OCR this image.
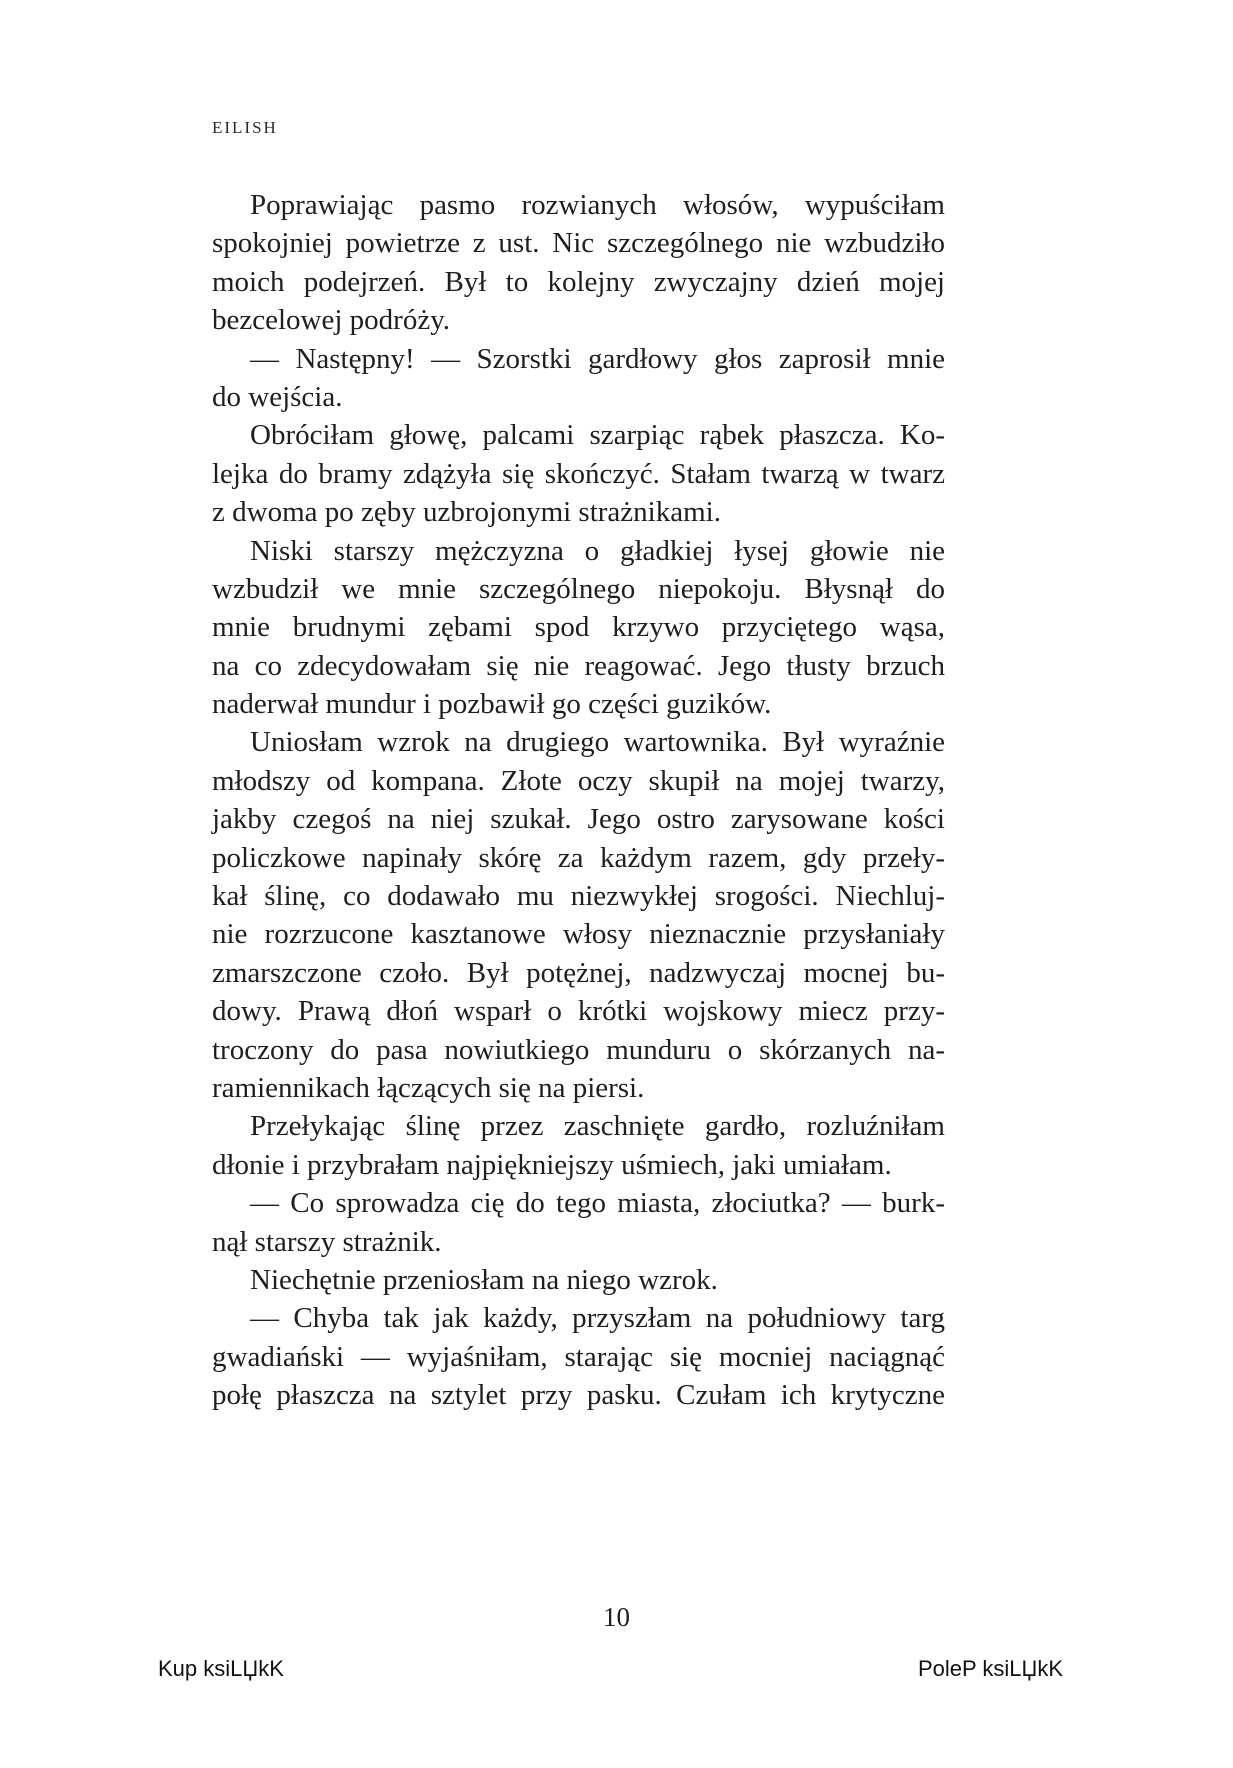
EILISH
Poprawiając pasmo rozwianych włosów, wypuściłam
spokojniej powietrze z ust. Nic szczególnego nie wzbudziło
moich podejrzeń. Był to kolejny zwyczajny dzień mojej
bezcelowej podróży.
— Następny! — Szorstki gardłowy głos zaprosił mnie
do wejścia.
Obróciłam głowę, palcami szarpiąc rąbek płaszcza. Ko-
lejka do bramy zdążyła się skończyć. Stałam twarzą w twarz
z dwoma po zęby uzbrojonymi strażnikami.
Niski starszy mężczyzna o gładkiej łysej głowie nie
wzbudził we mnie szczególnego niepokoju. Błysnął do
mnie brudnymi zębami spod krzywo przyciętego wąsa,
na co zdecydowałam się nie reagować. Jego tłusty brzuch
naderwał mundur i pozbawił go części guzików.
Uniosłam wzrok na drugiego wartownika. Był wyraźnie
młodszy od kompana. Złote oczy skupił na mojej twarzy,
jakby czegoś na niej szukał. Jego ostro zarysowane kości
policzkowe napinały skórę za każdym razem, gdy przeły-
kał ślinę, co dodawało mu niezwykłej srogości. Niechluj-
nie rozrzucone kasztanowe włosy nieznacznie przysłaniały
zmarszczone czoło. Był potężnej, nadzwyczaj mocnej bu-
dowy. Prawą dłoń wsparł o krótki wojskowy miecz przy-
troczony do pasa nowiutkiego munduru o skórzanych na-
ramiennikach łączących się na piersi.
Przełykając ślinę przez zaschnięte gardło, rozluźniłam
dłonie i przybrałam najpiękniejszy uśmiech, jaki umiałam.
— Co sprowadza cię do tego miasta, złociutka? — burk-
nął starszy strażnik.
Niechętnie przeniosłam na niego wzrok.
— Chyba tak jak każdy, przyszłam na południowy targ
gwadiański — wyjaśniłam, starając się mocniej naciągnąć
połę płaszcza na sztylet przy pasku. Czułam ich krytyczne
10
Kup ksiLЏkK	PoleP ksiLЏkK
